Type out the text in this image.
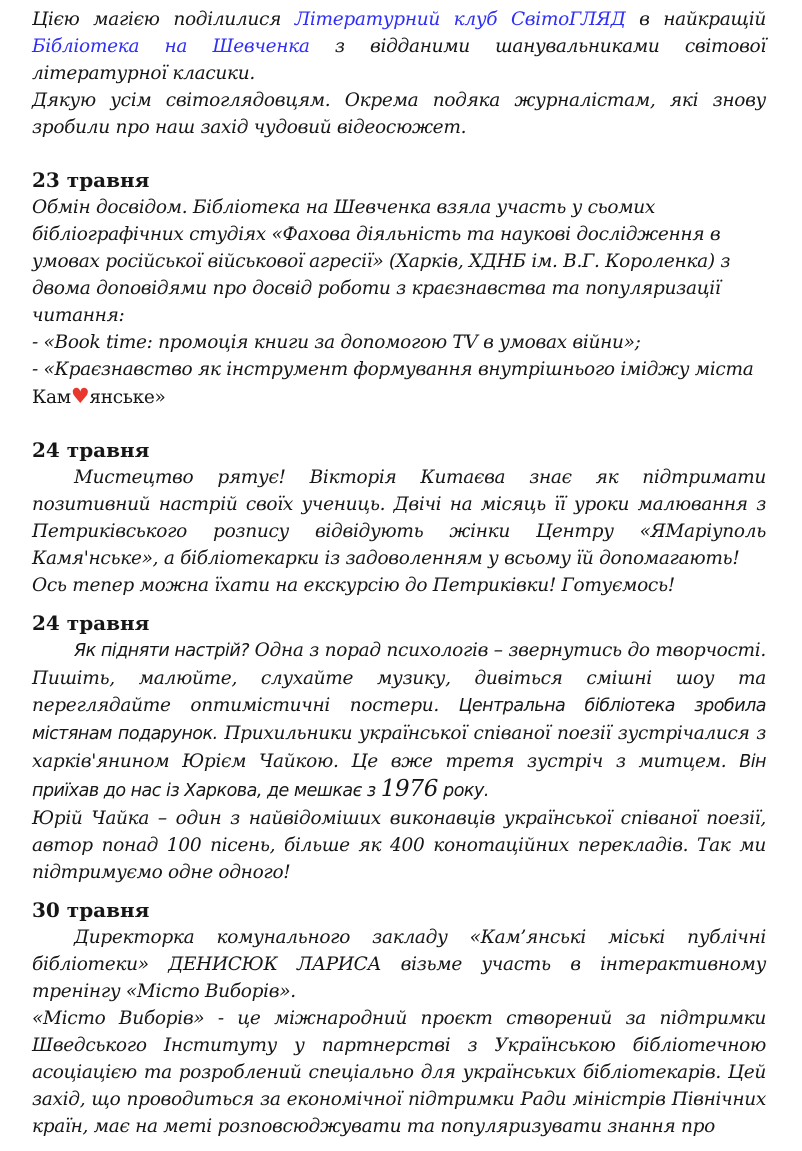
Цією магією поділилися Літературний клуб СвітоГЛЯД в найкращій Бібліотека на Шевченка з відданими шанувальниками світової літературної класики.

Дякую усім світоглядовцям. Окрема подяка журналістам, які знову зробили про наш захід чудовий відеосюжет.

23 травня

Обмін досвідом. Бібліотека на Шевченка взяла участь у сьомих бібліографічних студіях «Фахова діяльність та наукові дослідження в умовах російської військової агресії» (Харків, ХДНБ ім. В.Г. Короленка) з двома доповідями про досвід роботи з краєзнавства та популяризації читання:

- «Book time: промоція книги за допомогою TV в умовах війни»;

- «Краєзнавство як інструмент формування внутрішнього іміджу міста Кам♥янське»

24 травня

Мистецтво рятує! Вікторія Китаєва знає як підтримати позитивний настрій своїх учениць. Двічі на місяць її уроки малювання з Петриківського розпису відвідують жінки Центру «ЯМаріуполь Камя'нське», а бібліотекарки із задоволенням у всьому їй допомагають!

Ось тепер можна їхати на екскурсію до Петриківки! Готуємось!

24 травня

Як підняти настрій? Одна з порад психологів – звернутись до творчості. Пишіть, малюйте, слухайте музику, дивіться смішні шоу та переглядайте оптимістичні постери. Центральна бібліотека зробила містянам подарунок. Прихильники української співаної поезії зустрічалися з харків'янином Юрієм Чайкою. Це вже третя зустріч з митцем. Він приїхав до нас із Харкова, де мешкає з 1976 року.

Юрій Чайка – один з найвідоміших виконавців української співаної поезії, автор понад 100 пісень, більше як 400 конотаційних перекладів. Так ми підтримуємо одне одного!

30 травня

Директорка комунального закладу «Кам’янські міські публічні бібліотеки» ДЕНИСЮК ЛАРИСА візьме участь в інтерактивному тренінгу «Місто Виборів».

«Місто Виборів» - це міжнародний проєкт створений за підтримки Шведського Інституту у партнерстві з Українською бібліотечною асоціацією та розроблений спеціально для українських бібліотекарів. Цей захід, що проводиться за економічної підтримки Ради міністрів Північних країн, має на меті розповсюджувати та популяризувати знання про
